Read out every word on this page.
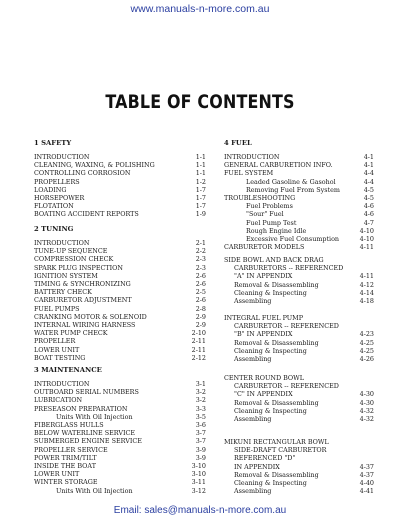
www.manuals-n-more.com.au
TABLE OF CONTENTS
1 SAFETY
INTRODUCTION	1-1
CLEANING, WAXING, & POLISHING	1-1
CONTROLLING CORROSION	1-1
PROPELLERS	1-2
LOADING	1-7
HORSEPOWER	1-7
FLOTATION	1-7
BOATING ACCIDENT REPORTS	1-9
2 TUNING
INTRODUCTION	2-1
TUNE-UP SEQUENCE	2-2
COMPRESSION CHECK	2-3
SPARK PLUG INSPECTION	2-3
IGNITION SYSTEM	2-6
TIMING & SYNCHRONIZING	2-6
BATTERY CHECK	2-5
CARBURETOR ADJUSTMENT	2-6
FUEL PUMPS	2-8
CRANKING MOTOR & SOLENOID	2-9
INTERNAL WIRING HARNESS	2-9
WATER PUMP CHECK	2-10
PROPELLER	2-11
LOWER UNIT	2-11
BOAT TESTING	2-12
3 MAINTENANCE
INTRODUCTION	3-1
OUTBOARD SERIAL NUMBERS	3-2
LUBRICATION	3-2
PRESEASON PREPARATION	3-3
Units With Oil Injection	3-5
FIBERGLASS HULLS	3-6
BELOW WATERLINE SERVICE	3-7
SUBMERGED ENGINE SERVICE	3-7
PROPELLER SERVICE	3-9
POWER TRIM/TILT	3-9
INSIDE THE BOAT	3-10
LOWER UNIT	3-10
WINTER STORAGE	3-11
Units With Oil Injection	3-12
4 FUEL
INTRODUCTION	4-1
GENERAL CARBURETION INFO.	4-1
FUEL SYSTEM	4-4
Leaded Gasoline & Gasohol	4-4
Removing Fuel From System	4-5
TROUBLESHOOTING	4-5
Fuel Problems	4-6
"Sour" Fuel	4-6
Fuel Pump Test	4-7
Rough Engine Idle	4-10
Excessive Fuel Consumption	4-10
CARBURETOR MODELS	4-11
SIDE BOWL AND BACK DRAG
CARBURETORS -- REFERENCED
"A" IN APPENDIX	4-11
Removal & Disassembling	4-12
Cleaning & Inspecting	4-14
Assembling	4-18
INTEGRAL FUEL PUMP
CARBURETOR -- REFERENCED
"B" IN APPENDIX	4-23
Removal & Disassembling	4-25
Cleaning & Inspecting	4-25
Assembling	4-26
CENTER ROUND BOWL
CARBURETOR -- REFERENCED
"C" IN APPENDIX	4-30
Removal & Disassembling	4-30
Cleaning & Inspecting	4-32
Assembling	4-32
MIKUNI RECTANGULAR BOWL
SIDE-DRAFT CARBURETOR
REFERENCED "D"
IN APPENDIX	4-37
Removal & Disassembling	4-37
Cleaning & Inspecting	4-40
Assembling	4-41
Email: sales@manuals-n-more.com.au
